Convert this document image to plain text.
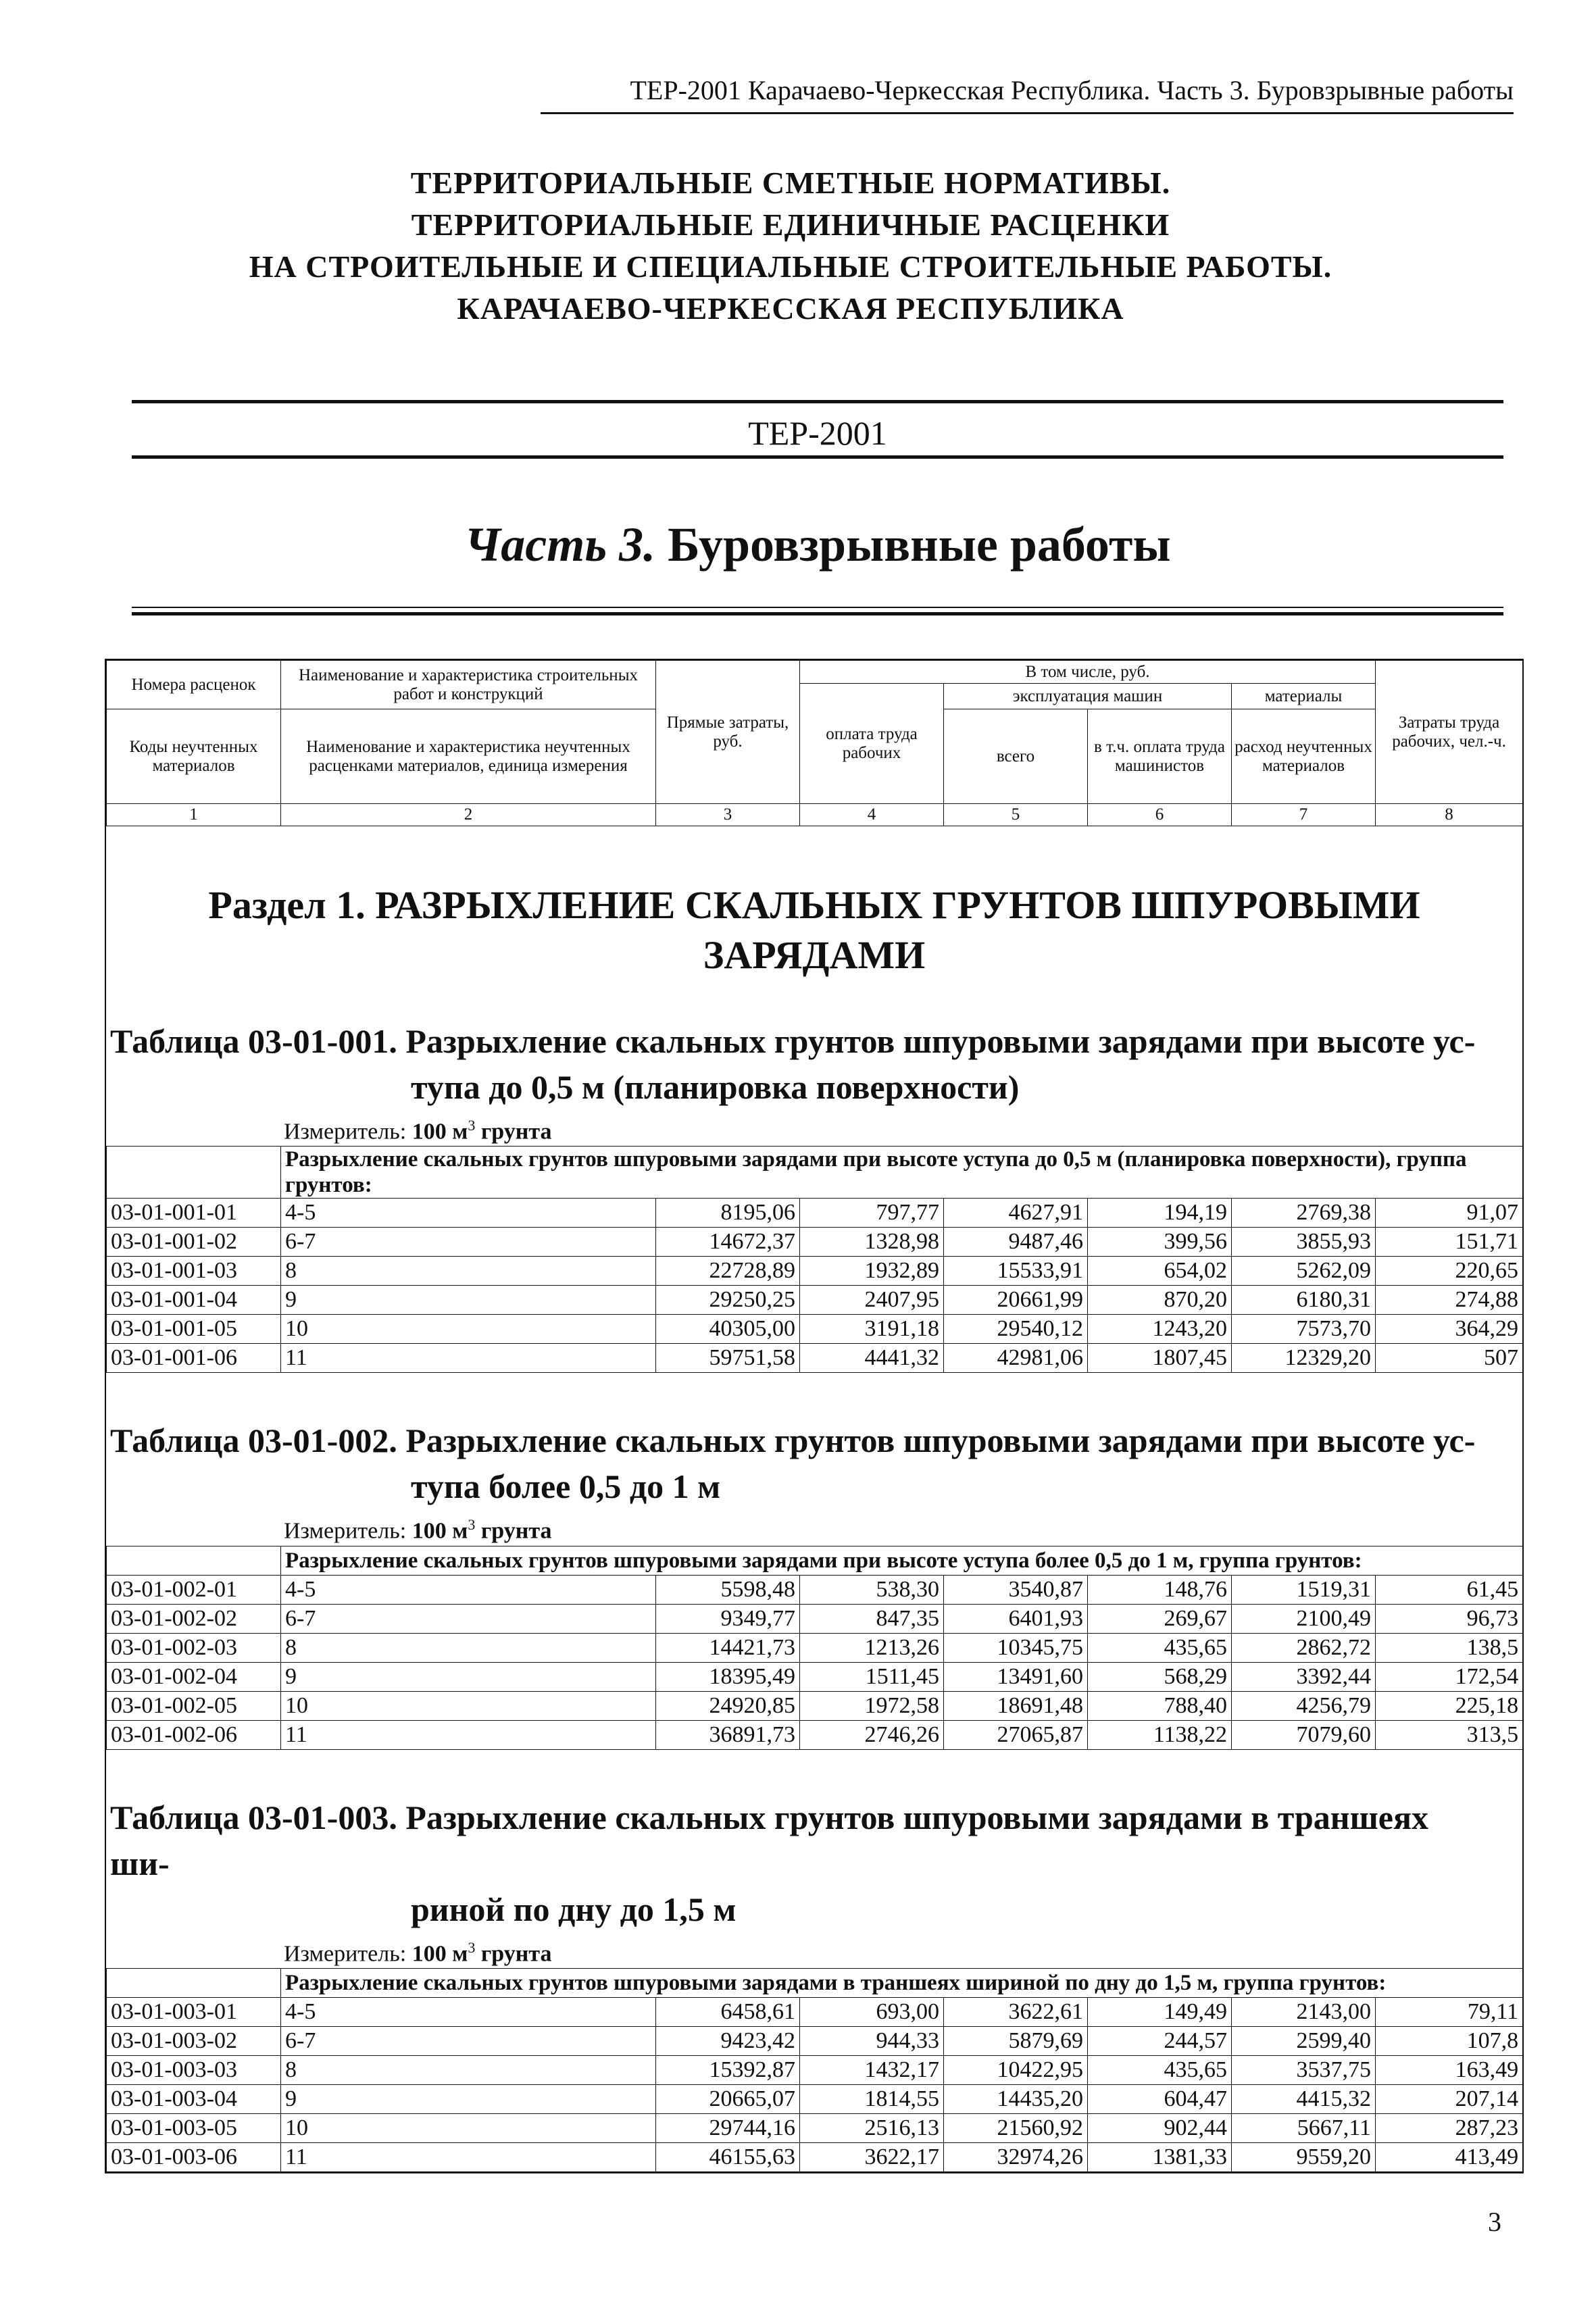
ТЕР-2001 Карачаево-Черкесская Республика. Часть 3. Буровзрывные работы
ТЕРРИТОРИАЛЬНЫЕ СМЕТНЫЕ НОРМАТИВЫ.
ТЕРРИТОРИАЛЬНЫЕ ЕДИНИЧНЫЕ РАСЦЕНКИ
НА СТРОИТЕЛЬНЫЕ И СПЕЦИАЛЬНЫЕ СТРОИТЕЛЬНЫЕ РАБОТЫ.
КАРАЧАЕВО-ЧЕРКЕССКАЯ РЕСПУБЛИКА
ТЕР-2001
Часть 3. Буровзрывные работы
Номера расценок	Наименование и характеристика строительных работ и конструкций	Прямые затраты, руб.	В том числе, руб.				Затраты труда рабочих, чел.-ч.
			оплата труда рабочих	эксплуатация машин		материалы	
Коды неучтенных материалов	Наименование и характеристика неучтенных расценками материалов, единица измерения			всего	в т.ч. оплата труда машинистов	расход неучтенных материалов	

1	2	3	4	5	6	7	8
Раздел 1. РАЗРЫХЛЕНИЕ СКАЛЬНЫХ ГРУНТОВ ШПУРОВЫМИ ЗАРЯДАМИ
Таблица 03-01-001. Разрыхление скальных грунтов шпуровыми зарядами при высоте ус-
тупа до 0,5 м (планировка поверхности)
Измеритель: 100 $м^3$ грунта
	Разрыхление скальных грунтов шпуровыми зарядами при высоте уступа до 0,5 м (планировка поверхности), группа грунтов:						
03-01-001-01	4-5	8195,06	797,77	4627,91	194,19	2769,38	91,07
03-01-001-02	6-7	14672,37	1328,98	9487,46	399,56	3855,93	151,71
03-01-001-03	8	22728,89	1932,89	15533,91	654,02	5262,09	220,65
03-01-001-04	9	29250,25	2407,95	20661,99	870,20	6180,31	274,88
03-01-001-05	10	40305,00	3191,18	29540,12	1243,20	7573,70	364,29
03-01-001-06	11	59751,58	4441,32	42981,06	1807,45	12329,20	507
Таблица 03-01-002. Разрыхление скальных грунтов шпуровыми зарядами при высоте ус-
тупа более 0,5 до 1 м
Измеритель: 100 $м^3$ грунта
	Разрыхление скальных грунтов шпуровыми зарядами при высоте уступа более 0,5 до 1 м, группа грунтов:						
03-01-002-01	4-5	5598,48	538,30	3540,87	148,76	1519,31	61,45
03-01-002-02	6-7	9349,77	847,35	6401,93	269,67	2100,49	96,73
03-01-002-03	8	14421,73	1213,26	10345,75	435,65	2862,72	138,5
03-01-002-04	9	18395,49	1511,45	13491,60	568,29	3392,44	172,54
03-01-002-05	10	24920,85	1972,58	18691,48	788,40	4256,79	225,18
03-01-002-06	11	36891,73	2746,26	27065,87	1138,22	7079,60	313,5
Таблица 03-01-003. Разрыхление скальных грунтов шпуровыми зарядами в траншеях ши-
риной по дну до 1,5 м
Измеритель: 100 $м^3$ грунта
	Разрыхление скальных грунтов шпуровыми зарядами в траншеях шириной по дну до 1,5 м, группа грунтов:						
03-01-003-01	4-5	6458,61	693,00	3622,61	149,49	2143,00	79,11
03-01-003-02	6-7	9423,42	944,33	5879,69	244,57	2599,40	107,8
03-01-003-03	8	15392,87	1432,17	10422,95	435,65	3537,75	163,49
03-01-003-04	9	20665,07	1814,55	14435,20	604,47	4415,32	207,14
03-01-003-05	10	29744,16	2516,13	21560,92	902,44	5667,11	287,23
03-01-003-06	11	46155,63	3622,17	32974,26	1381,33	9559,20	413,49
3
